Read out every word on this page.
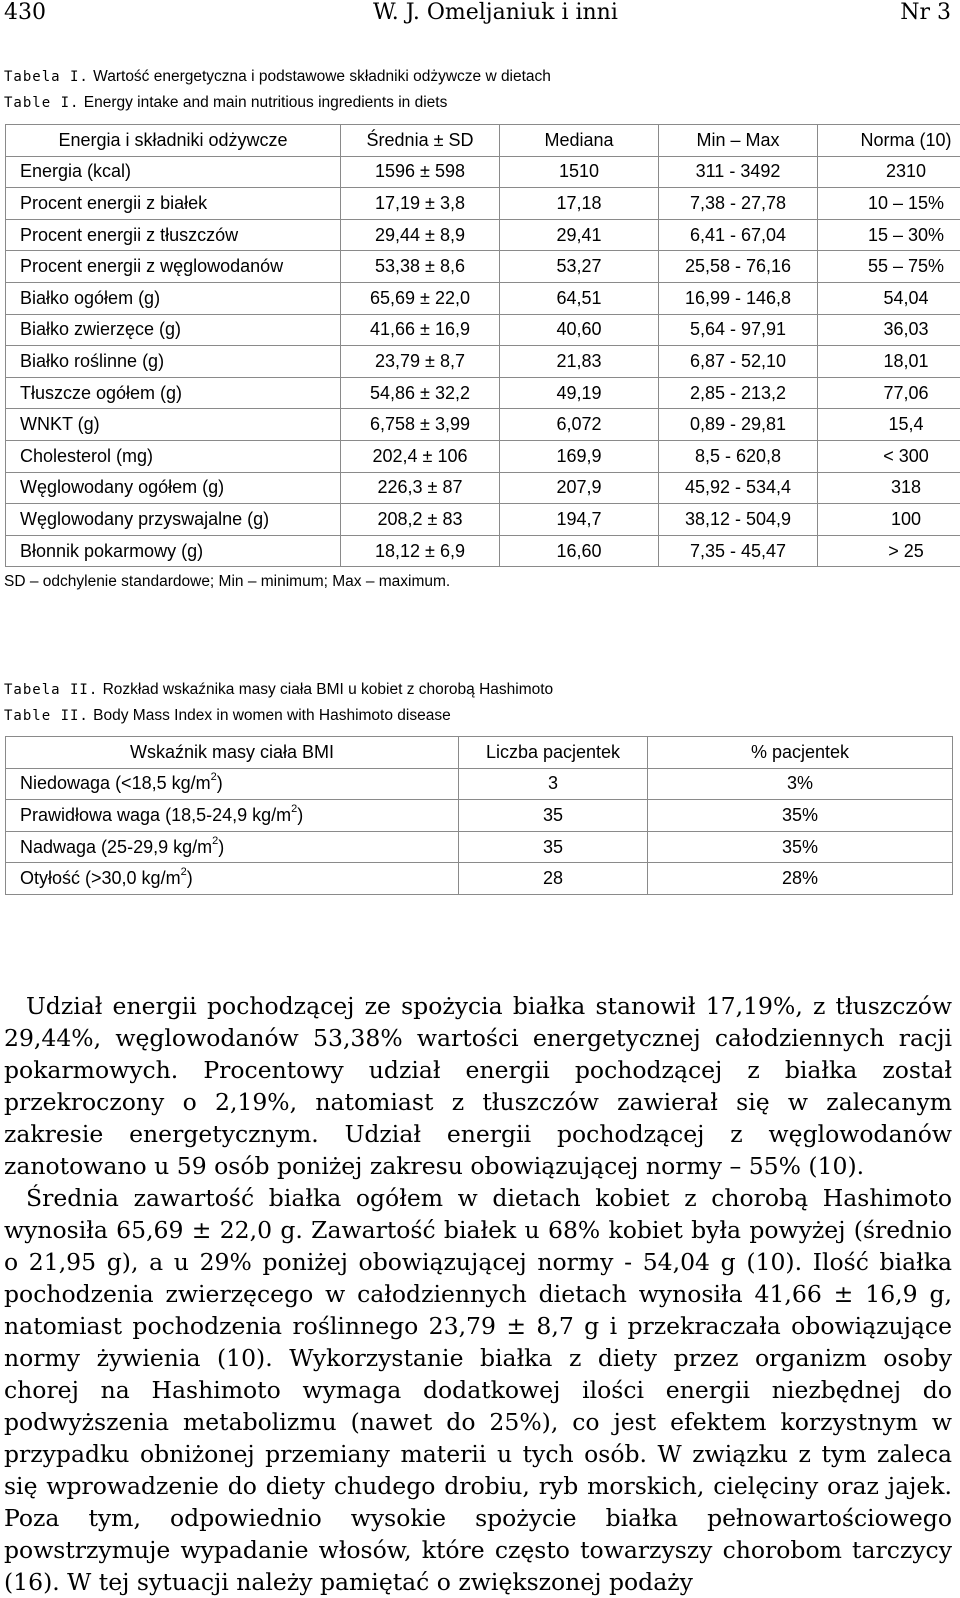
430	W. J. Omeljaniuk i inni	Nr 3
Tabela I. Wartość energetyczna i podstawowe składniki odżywcze w dietach
Table I. Energy intake and main nutritious ingredients in diets
Energia i składniki odżywcze	Średnia ± SD	Mediana	Min – Max	Norma (10)
Energia (kcal)	1596 ± 598	1510	311 - 3492	2310
Procent energii z białek	17,19 ± 3,8	17,18	7,38 - 27,78	10 – 15%
Procent energii z tłuszczów	29,44 ± 8,9	29,41	6,41 - 67,04	15 – 30%
Procent energii z węglowodanów	53,38 ± 8,6	53,27	25,58 - 76,16	55 – 75%
Białko ogółem (g)	65,69 ± 22,0	64,51	16,99 - 146,8	54,04
Białko zwierzęce (g)	41,66 ± 16,9	40,60	5,64 - 97,91	36,03
Białko roślinne (g)	23,79 ± 8,7	21,83	6,87 - 52,10	18,01
Tłuszcze ogółem (g)	54,86 ± 32,2	49,19	2,85 - 213,2	77,06
WNKT (g)	6,758 ± 3,99	6,072	0,89 - 29,81	15,4
Cholesterol (mg)	202,4 ± 106	169,9	8,5 - 620,8	< 300
Węglowodany ogółem (g)	226,3 ± 87	207,9	45,92 - 534,4	318
Węglowodany przyswajalne (g)	208,2 ± 83	194,7	38,12 - 504,9	100
Błonnik pokarmowy (g)	18,12 ± 6,9	16,60	7,35 - 45,47	> 25
SD – odchylenie standardowe; Min – minimum; Max – maximum.
Tabela II. Rozkład wskaźnika masy ciała BMI u kobiet z chorobą Hashimoto
Table II. Body Mass Index in women with Hashimoto disease
Wskaźnik masy ciała BMI	Liczba pacjentek	% pacjentek
Niedowaga (<18,5 $kg/m^2$)	3	3%
Prawidłowa waga (18,5-24,9 $kg/m^2$)	35	35%
Nadwaga (25-29,9 $kg/m^2$)	35	35%
Otyłość (>30,0 $kg/m^2$)	28	28%

Udział energii pochodzącej ze spożycia białka stanowił 17,19%, z tłuszczów 29,44%, węglowodanów 53,38% wartości energetycznej całodziennych racji pokarmowych. Procentowy udział energii pochodzącej z białka został przekroczony o 2,19%, natomiast z tłuszczów zawierał się w zalecanym zakresie energetycznym. Udział energii pochodzącej z węglowodanów zanotowano u 59 osób poniżej zakresu obowiązującej normy – 55% (10).

Średnia zawartość białka ogółem w dietach kobiet z chorobą Hashimoto wynosiła 65,69 ± 22,0 g. Zawartość białek u 68% kobiet była powyżej (średnio o 21,95 g), a u 29% poniżej obowiązującej normy - 54,04 g (10). Ilość białka pochodzenia zwierzęcego w całodziennych dietach wynosiła 41,66 ± 16,9 g, natomiast pochodzenia roślinnego 23,79 ± 8,7 g i przekraczała obowiązujące normy żywienia (10). Wykorzystanie białka z diety przez organizm osoby chorej na Hashimoto wymaga dodatkowej ilości energii niezbędnej do podwyższenia metabolizmu (nawet do 25%), co jest efektem korzystnym w przypadku obniżonej przemiany materii u tych osób. W związku z tym zaleca się wprowadzenie do diety chudego drobiu, ryb morskich, cielęciny oraz jajek. Poza tym, odpowiednio wysokie spożycie białka pełnowartościowego powstrzymuje wypadanie włosów, które często towarzyszy chorobom tarczycy (16). W tej sytuacji należy pamiętać o zwiększonej podaży
